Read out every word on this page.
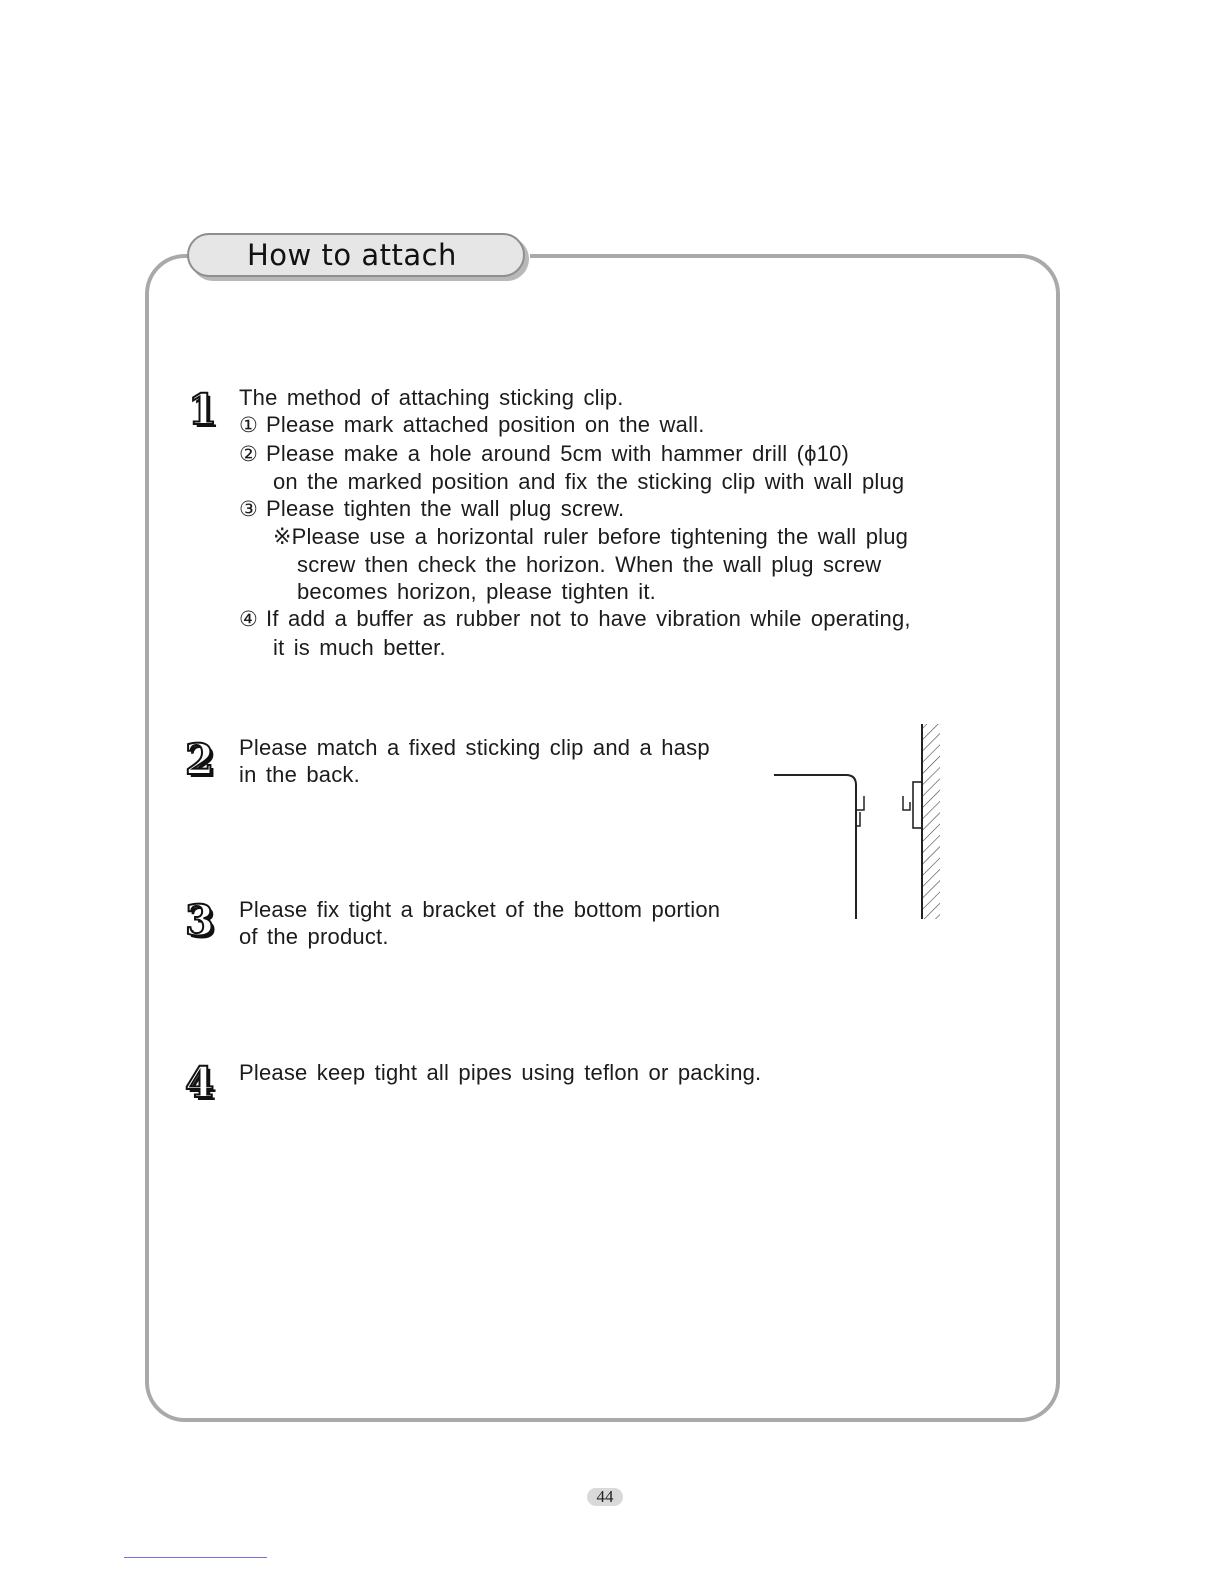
How to attach
1 The method of attaching sticking clip.
① Please mark attached position on the wall.
② Please make a hole around 5cm with hammer drill (ϕ10)
on the marked position and fix the sticking clip with wall plug
③ Please tighten the wall plug screw.
※Please use a horizontal ruler before tightening the wall plug
screw then check the horizon. When the wall plug screw
becomes horizon, please tighten it.
④ If add a buffer as rubber not to have vibration while operating,
it is much better.
2 Please match a fixed sticking clip and a hasp
in the back.
3 Please fix tight a bracket of the bottom portion
of the product.
4 Please keep tight all pipes using teflon or packing.
44
